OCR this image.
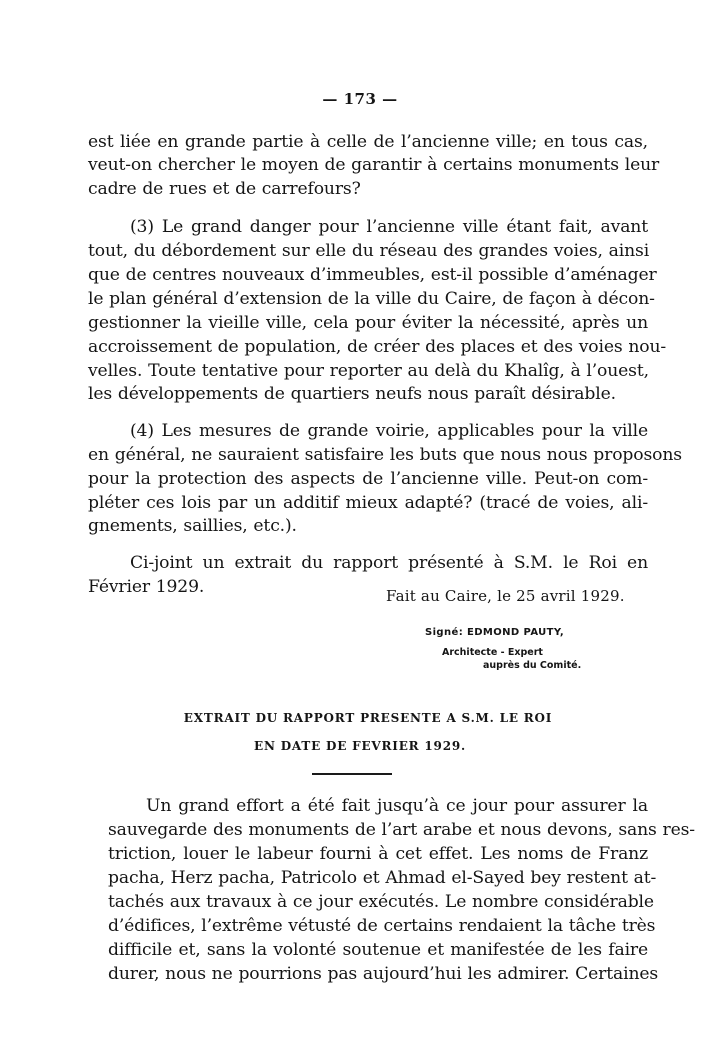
— 173 —
est liée en grande partie à celle de l’ancienne ville; en tous cas,
veut-on chercher le moyen de garantir à certains monuments leur
cadre de rues et de carrefours?
(3) Le grand danger pour l’ancienne ville étant fait, avant
tout, du débordement sur elle du réseau des grandes voies, ainsi
que de centres nouveaux d’immeubles, est-il possible d’aménager
le plan général d’extension de la ville du Caire, de façon à décon-
gestionner la vieille ville, cela pour éviter la nécessité, après un
accroissement de population, de créer des places et des voies nou-
velles. Toute tentative pour reporter au delà du Khalîg, à l’ouest,
les développements de quartiers neufs nous paraît désirable.
(4) Les mesures de grande voirie, applicables pour la ville
en général, ne sauraient satisfaire les buts que nous nous proposons
pour la protection des aspects de l’ancienne ville. Peut-on com-
pléter ces lois par un additif mieux adapté? (tracé de voies, ali-
gnements, saillies, etc.).
Ci-joint un extrait du rapport présenté à S.M. le Roi en
Février 1929.	Fait au Caire, le 25 avril 1929.
Signé: EDMOND PAUTY,
Architecte - Expert
auprès du Comité.
EXTRAIT DU RAPPORT PRESENTE A S.M. LE ROI
EN DATE DE FEVRIER 1929.
Un grand effort a été fait jusqu’à ce jour pour assurer la
sauvegarde des monuments de l’art arabe et nous devons, sans res-
triction, louer le labeur fourni à cet effet. Les noms de Franz
pacha, Herz pacha, Patricolo et Ahmad el-Sayed bey restent at-
tachés aux travaux à ce jour exécutés. Le nombre considérable
d’édifices, l’extrême vétusté de certains rendaient la tâche très
difficile et, sans la volonté soutenue et manifestée de les faire
durer, nous ne pourrions pas aujourd’hui les admirer. Certaines
